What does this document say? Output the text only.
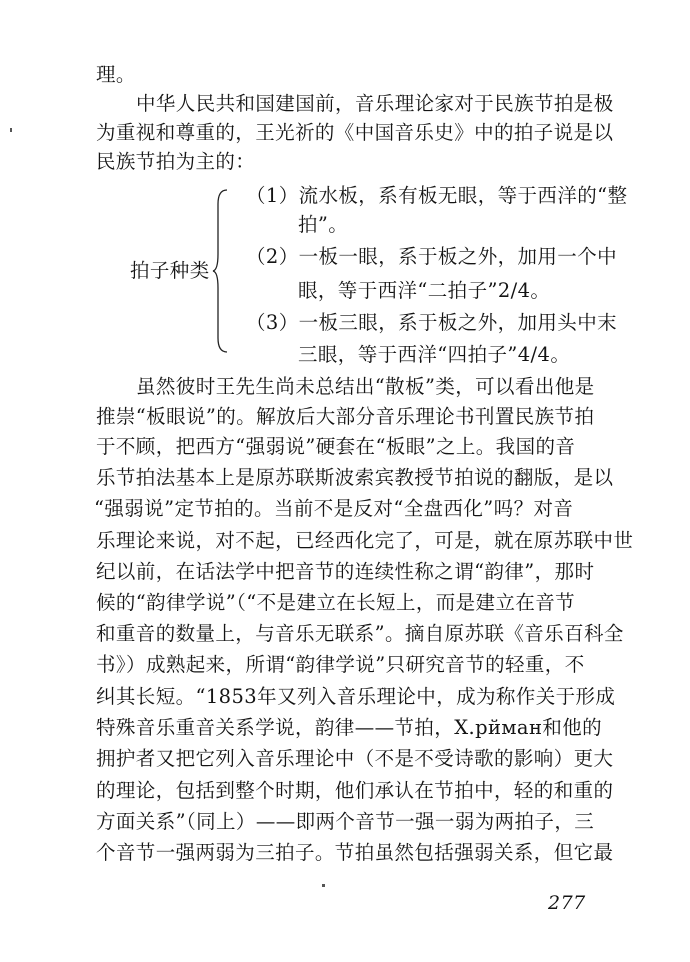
理。
中华人民共和国建国前，音乐理论家对于民族节拍是极
为重视和尊重的，王光祈的《中国音乐史》中的拍子说是以
民族节拍为主的：
拍子种类
（1）流水板，系有板无眼，等于西洋的“整
拍”。
（2）一板一眼，系于板之外，加用一个中
眼，等于西洋“二拍子”2/4。
（3）一板三眼，系于板之外，加用头中末
三眼，等于西洋“四拍子”4/4。
虽然彼时王先生尚未总结出“散板”类，可以看出他是
推崇“板眼说”的。解放后大部分音乐理论书刊置民族节拍
于不顾，把西方“强弱说”硬套在“板眼”之上。我国的音
乐节拍法基本上是原苏联斯波索宾教授节拍说的翻版，是以
“强弱说”定节拍的。当前不是反对“全盘西化”吗？对音
乐理论来说，对不起，已经西化完了，可是，就在原苏联中世
纪以前，在话法学中把音节的连续性称之谓“韵律”，那时
候的“韵律学说”（“不是建立在长短上，而是建立在音节
和重音的数量上，与音乐无联系”。摘自原苏联《音乐百科全
书》）成熟起来，所谓“韵律学说”只研究音节的轻重，不
纠其长短。“1853年又列入音乐理论中，成为称作关于形成
特殊音乐重音关系学说，韵律——节拍，Х.рйман和他的
拥护者又把它列入音乐理论中（不是不受诗歌的影响）更大
的理论，包括到整个时期，他们承认在节拍中，轻的和重的
方面关系”（同上）——即两个音节一强一弱为两拍子，三
个音节一强两弱为三拍子。节拍虽然包括强弱关系，但它最
277
